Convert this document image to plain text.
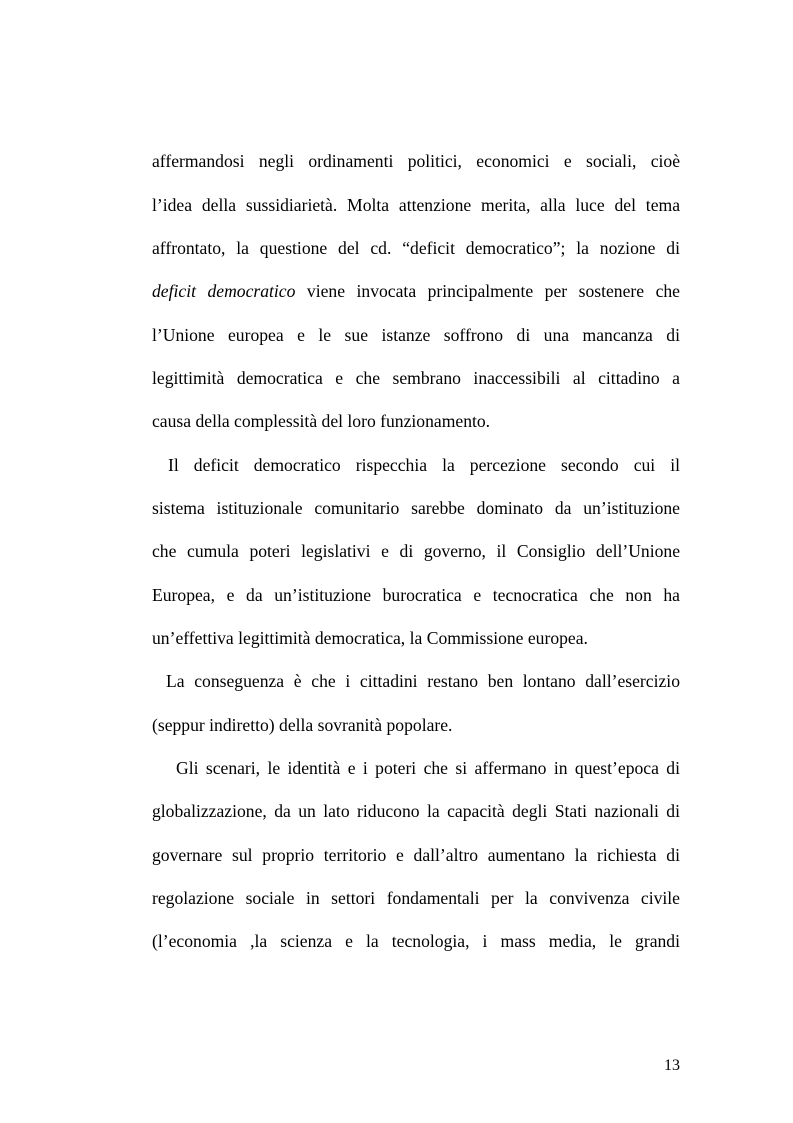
affermandosi negli ordinamenti politici, economici e sociali, cioè

l’idea della sussidiarietà. Molta attenzione merita, alla luce del tema

affrontato, la questione del cd. “deficit democratico”; la nozione di

deficit democratico viene invocata principalmente per sostenere che

l’Unione europea e le sue istanze soffrono di una mancanza di

legittimità democratica e che sembrano inaccessibili al cittadino a

causa della complessità del loro funzionamento.

Il deficit democratico rispecchia la percezione secondo cui il

sistema istituzionale comunitario sarebbe dominato da un’istituzione

che cumula poteri legislativi e di governo, il Consiglio dell’Unione

Europea, e da un’istituzione burocratica e tecnocratica che non ha

un’effettiva legittimità democratica, la Commissione europea.

La conseguenza è che i cittadini restano ben lontano dall’esercizio

(seppur indiretto) della sovranità popolare.

Gli scenari, le identità e i poteri che si affermano in quest’epoca di

globalizzazione, da un lato riducono la capacità degli Stati nazionali di

governare sul proprio territorio e dall’altro aumentano la richiesta di

regolazione sociale in settori fondamentali per la convivenza civile

(l’economia ,la scienza e la tecnologia, i mass media, le grandi

13
